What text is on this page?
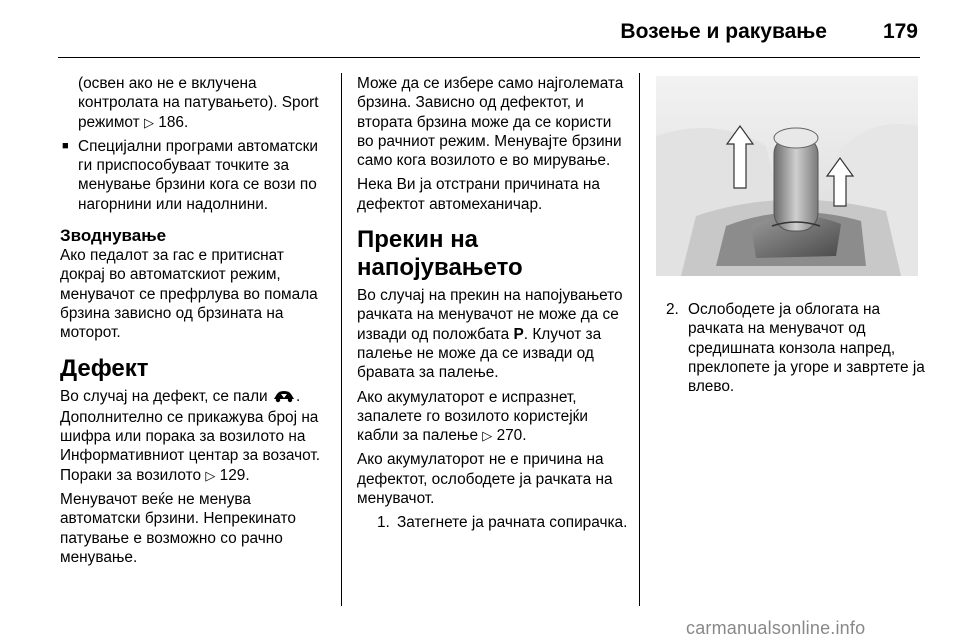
Возење и ракување	179

(освен ако не е вклучена контролата на патувањето). Sport режимот ▷ 186.

■ Специјални програми автоматски ги приспособуваат точките за менување брзини кога се вози по нагорнини или надолнини.

Зводнување

Ако педалот за гас е притиснат докрај во автоматскиот режим, менувачот се префрлува во помала брзина зависно од брзината на моторот.

Дефект

Во случај на дефект, се пали . Дополнително се прикажува број на шифра или порака за возилото на Информативниот центар за возачот. Пораки за возилото ▷ 129.

Менувачот веќе не менува автоматски брзини. Непрекинато патување е возможно со рачно менување.

Може да се избере само најголемата брзина. Зависно од дефектот, и втората брзина може да се користи во рачниот режим. Менувајте брзини само кога возилото е во мирување.

Нека Ви ја отстрани причината на дефектот автомеханичар.

Прекин на напојувањето

Во случај на прекин на напојувањето рачката на менувачот не може да се извади од положбата P. Клучот за палење не може да се извади од бравата за палење.

Ако акумулаторот е испразнет, запалете го возилото користејќи кабли за палење ▷ 270.

Ако акумулаторот не е причина на дефектот, ослободете ја рачката на менувачот.

1. Затегнете ја рачната сопирачка.

2. Ослободете ја облогата на рачката на менувачот од средишната конзола напред, преклопете ја угоре и завртете ја влево.

carmanualsonline.info
